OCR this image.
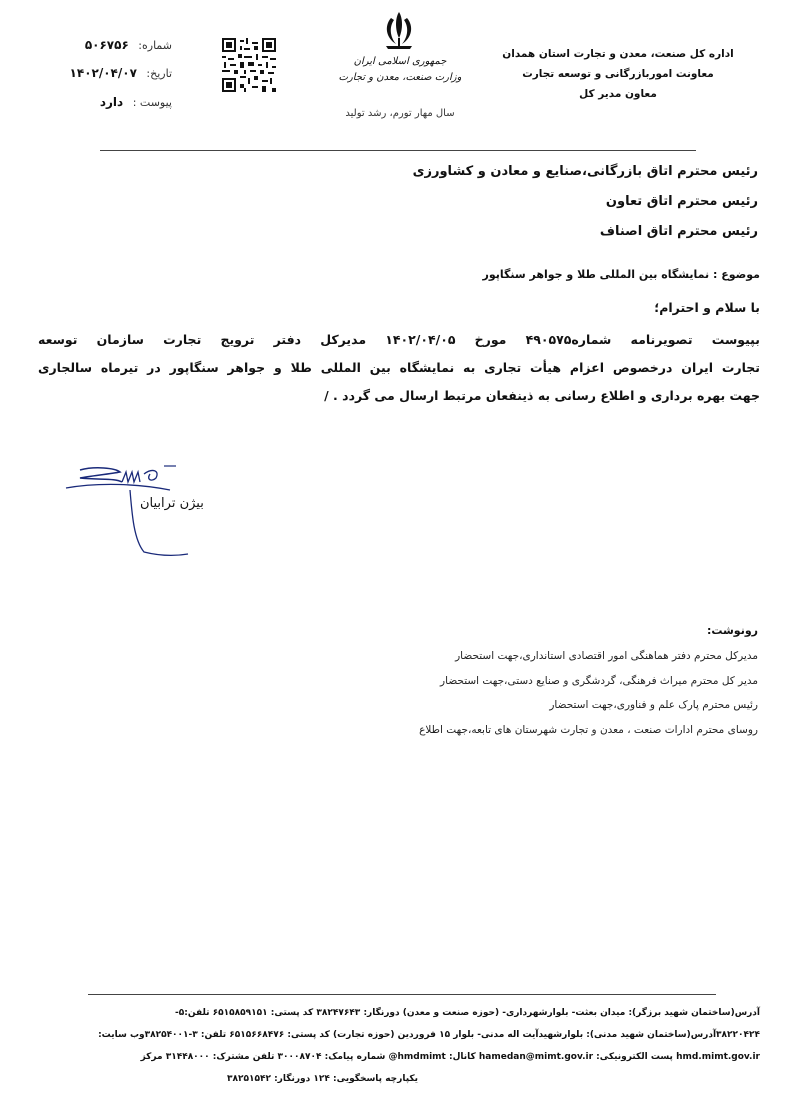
اداره کل صنعت، معدن و تجارت استان همدان
معاونت اموربازرگانی و توسعه تجارت
معاون مدیر کل
جمهوری اسلامی ایران
وزارت صنعت، معدن و تجارت
سال مهار تورم، رشد تولید
شماره: ۵۰۶۷۵۶
تاریخ: ۱۴۰۲/۰۴/۰۷
پیوست : دارد
رئیس محترم اتاق بازرگانی،صنایع و معادن و کشاورزی
رئیس محترم اتاق تعاون
رئیس محترم اتاق اصناف
موضوع : نمایشگاه بین المللی طلا و جواهر سنگاپور
با سلام و احترام؛
بپیوست تصویرنامه شماره۴۹۰۵۷۵ مورخ ۱۴۰۲/۰۴/۰۵ مدیرکل دفتر ترویج تجارت سازمان توسعه
تجارت ایران درخصوص اعزام هیأت تجاری به نمایشگاه بین المللی طلا و جواهر سنگاپور در تیرماه سالجاری
جهت بهره برداری و اطلاع رسانی به ذینفعان مرتبط ارسال می گردد . /
بیژن ترابیان
رونوشت:
مدیرکل محترم دفتر هماهنگی امور اقتصادی استانداری،جهت استحضار
مدیر کل محترم میراث فرهنگی، گردشگری و صنایع دستی،جهت استحضار
رئیس محترم پارک علم و فناوری،جهت استحضار
روسای محترم ادارات صنعت ، معدن و تجارت شهرستان های تابعه،جهت اطلاع
آدرس(ساختمان شهید برزگر): میدان بعثت- بلوارشهرداری- (حوزه صنعت و معدن) دورنگار: ۳۸۲۴۷۶۴۳ کد پستی: ۶۵۱۵۸۵۹۱۵۱ تلفن:۵-
۳۸۲۲۰۴۲۴آدرس(ساختمان شهید مدنی): بلوارشهیدآیت اله مدنی- بلوار ۱۵ فروردین (حوزه تجارت) کد پستی: ۶۵۱۵۶۶۸۴۷۶ تلفن: ۳-۳۸۲۵۴۰۰۱وب سایت:
hmd.mimt.gov.ir پست الکترونیکی: hamedan@mimt.gov.ir کانال: hmdmimt@ شماره پیامک: ۳۰۰۰۸۷۰۴ تلفن مشترک: ۳۱۴۴۸۰۰۰ مرکز
یکپارچه پاسخگویی: ۱۲۴ دورنگار: ۳۸۲۵۱۵۴۲
